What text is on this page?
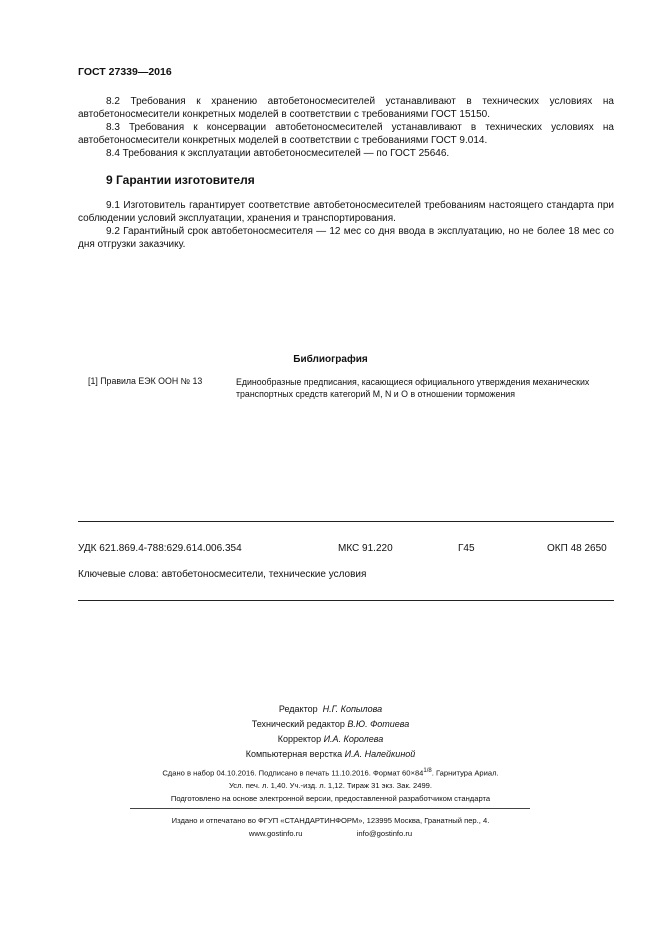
ГОСТ 27339—2016
8.2 Требования к хранению автобетоносмесителей устанавливают в технических условиях на автобетоносмесители конкретных моделей в соответствии с требованиями ГОСТ 15150.
8.3 Требования к консервации автобетоносмесителей устанавливают в технических условиях на автобетоносмесители конкретных моделей в соответствии с требованиями ГОСТ 9.014.
8.4 Требования к эксплуатации автобетоносмесителей — по ГОСТ 25646.
9 Гарантии изготовителя
9.1 Изготовитель гарантирует соответствие автобетоносмесителей требованиям настоящего стандарта при соблюдении условий эксплуатации, хранения и транспортирования.
9.2 Гарантийный срок автобетоносмесителя — 12 мес со дня ввода в эксплуатацию, но не более 18 мес со дня отгрузки заказчику.
Библиография
[1] Правила ЕЭК ООН № 13	Единообразные предписания, касающиеся официального утверждения механических транспортных средств категорий M, N и O в отношении торможения
УДК 621.869.4-788:629.614.006.354	МКС 91.220	Г45	ОКП 48 2650
Ключевые слова: автобетоносмесители, технические условия
Редактор Н.Г. Копылова
Технический редактор В.Ю. Фотиева
Корректор И.А. Королева
Компьютерная верстка И.А. Налейкиной
Сдано в набор 04.10.2016. Подписано в печать 11.10.2016. Формат $60\times 84^{1/8}$. Гарнитура Ариал.
Усл. печ. л. 1,40. Уч.-изд. л. 1,12. Тираж 31 экз. Зак. 2499.
Подготовлено на основе электронной версии, предоставленной разработчиком стандарта
Издано и отпечатано во ФГУП «СТАНДАРТИНФОРМ», 123995 Москва, Гранатный пер., 4.
www.gostinfo.ru	info@gostinfo.ru
